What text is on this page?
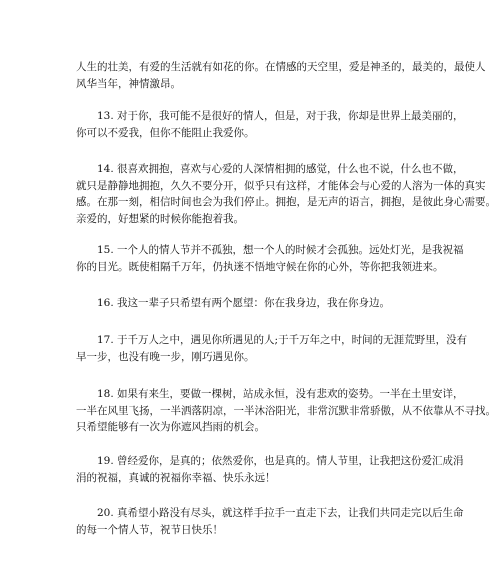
人生的壮美，有爱的生活就有如花的你。在情感的天空里，爱是神圣的，最美的，最使人
风华当年，神情激昂。
13. 对于你，我可能不是很好的情人，但是，对于我，你却是世界上最美丽的，
你可以不爱我，但你不能阻止我爱你。
14. 很喜欢拥抱，喜欢与心爱的人深情相拥的感觉，什么也不说，什么也不做，
就只是静静地拥抱，久久不要分开，似乎只有这样，才能体会与心爱的人溶为一体的真实
感。在那一刻，相信时间也会为我们停止。拥抱，是无声的语言，拥抱，是彼此身心需要。
亲爱的，好想紧的时候你能抱着我。
15. 一个人的情人节并不孤独，想一个人的时候才会孤独。远处灯光，是我祝福
你的目光。既使相隔千万年，仍执迷不悟地守候在你的心外，等你把我领进来。
16. 我这一辈子只希望有两个愿望：你在我身边，我在你身边。
17. 于千万人之中，遇见你所遇见的人;于千万年之中，时间的无涯荒野里，没有
早一步，也没有晚一步，刚巧遇见你。
18. 如果有来生，要做一棵树，站成永恒，没有悲欢的姿势。一半在土里安详，
一半在风里飞扬，一半洒落阴凉，一半沐浴阳光，非常沉默非常骄傲，从不依靠从不寻找。
只希望能够有一次为你遮风挡雨的机会。
19. 曾经爱你，是真的；依然爱你，也是真的。情人节里，让我把这份爱汇成涓
涓的祝福，真诚的祝福你幸福、快乐永远！
20. 真希望小路没有尽头，就这样手拉手一直走下去，让我们共同走完以后生命
的每一个情人节，祝节日快乐！
